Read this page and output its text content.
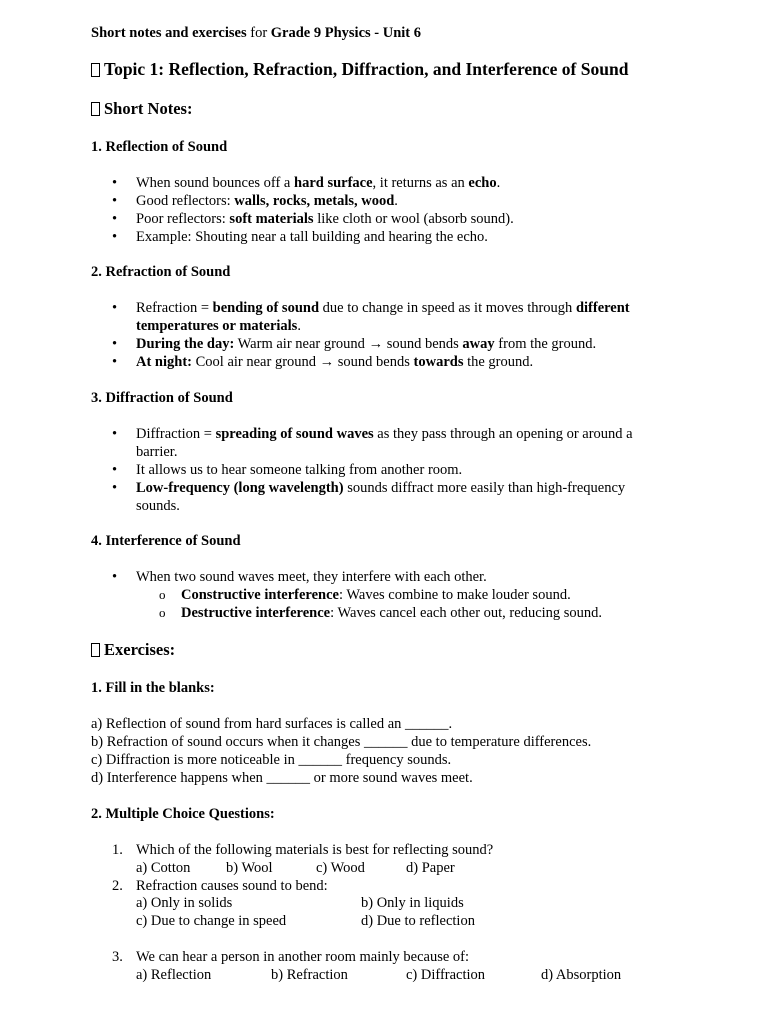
Short notes and exercises for Grade 9 Physics - Unit 6
Topic 1: Reflection, Refraction, Diffraction, and Interference of Sound
Short Notes:
1. Reflection of Sound
• When sound bounces off a hard surface, it returns as an echo.
• Good reflectors: walls, rocks, metals, wood.
• Poor reflectors: soft materials like cloth or wool (absorb sound).
• Example: Shouting near a tall building and hearing the echo.
2. Refraction of Sound
• Refraction = bending of sound due to change in speed as it moves through different
temperatures or materials.
• During the day: Warm air near ground → sound bends away from the ground.
• At night: Cool air near ground → sound bends towards the ground.
3. Diffraction of Sound
• Diffraction = spreading of sound waves as they pass through an opening or around a
barrier.
• It allows us to hear someone talking from another room.
• Low-frequency (long wavelength) sounds diffract more easily than high-frequency
sounds.
4. Interference of Sound
• When two sound waves meet, they interfere with each other.
o Constructive interference: Waves combine to make louder sound.
o Destructive interference: Waves cancel each other out, reducing sound.
Exercises:
1. Fill in the blanks:
a) Reflection of sound from hard surfaces is called an ______.
b) Refraction of sound occurs when it changes ______ due to temperature differences.
c) Diffraction is more noticeable in ______ frequency sounds.
d) Interference happens when ______ or more sound waves meet.
2. Multiple Choice Questions:
1. Which of the following materials is best for reflecting sound?
a) Cotton b) Wool	c) Wood	d) Paper
2. Refraction causes sound to bend:
a) Only in solids	b) Only in liquids
c) Due to change in speed	d) Due to reflection
3. We can hear a person in another room mainly because of:
a) Reflection	b) Refraction	c) Diffraction	d) Absorption
